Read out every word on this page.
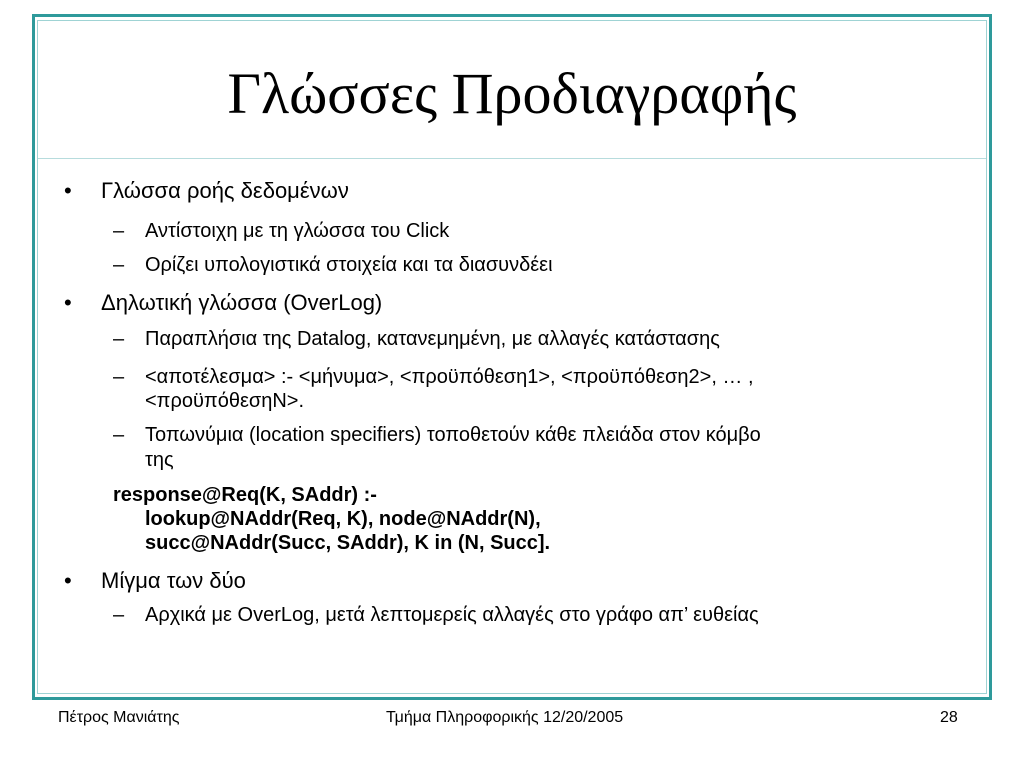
Γλώσσες Προδιαγραφής
• Γλώσσα ροής δεδομένων
– Αντίστοιχη με τη γλώσσα του Click
– Ορίζει υπολογιστικά στοιχεία και τα διασυνδέει
• Δηλωτική γλώσσα (OverLog)
– Παραπλήσια της Datalog, κατανεμημένη, με αλλαγές κατάστασης
– <αποτέλεσμα> :- <μήνυμα>, <προϋπόθεση1>, <προϋπόθεση2>, … ,
<προϋπόθεσηN>.
– Τοπωνύμια (location specifiers) τοποθετούν κάθε πλειάδα στον κόμβο
της
response@Req(K, SAddr) :-
lookup@NAddr(Req, K), node@NAddr(N),
succ@NAddr(Succ, SAddr), K in (N, Succ].
• Μίγμα των δύο
– Αρχικά με OverLog, μετά λεπτομερείς αλλαγές στο γράφο απ’ ευθείας
Πέτρος Μανιάτης	Τμήμα Πληροφορικής 12/20/2005	28
